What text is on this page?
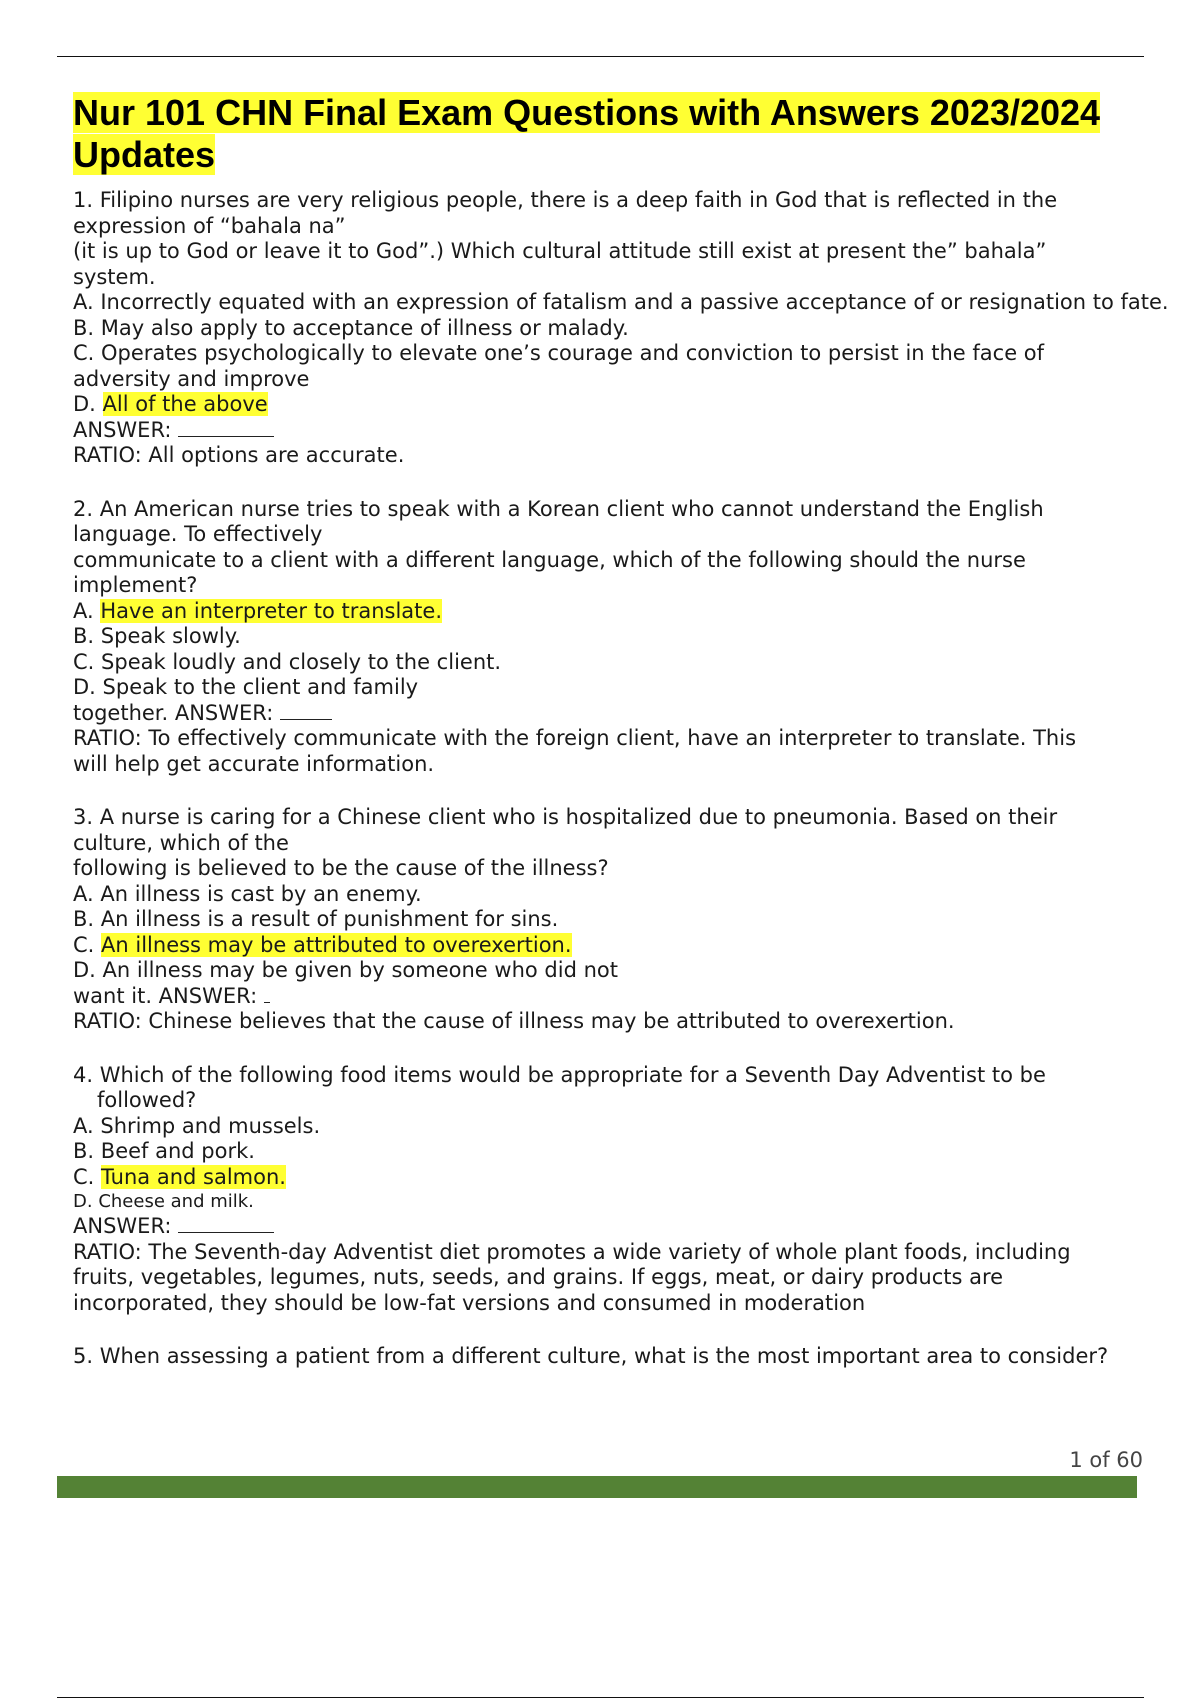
Nur 101 CHN Final Exam Questions with Answers 2023/2024
Updates
1. Filipino nurses are very religious people, there is a deep faith in God that is reflected in the
expression of “bahala na”
(it is up to God or leave it to God”.) Which cultural attitude still exist at present the” bahala”
system.
A. Incorrectly equated with an expression of fatalism and a passive acceptance of or resignation to fate.
B. May also apply to acceptance of illness or malady.
C. Operates psychologically to elevate one’s courage and conviction to persist in the face of
adversity and improve
D. All of the above
ANSWER:
RATIO: All options are accurate.
2. An American nurse tries to speak with a Korean client who cannot understand the English
language. To effectively
communicate to a client with a different language, which of the following should the nurse
implement?
A. Have an interpreter to translate.
B. Speak slowly.
C. Speak loudly and closely to the client.
D. Speak to the client and family
together. ANSWER:
RATIO: To effectively communicate with the foreign client, have an interpreter to translate. This
will help get accurate information.
3. A nurse is caring for a Chinese client who is hospitalized due to pneumonia. Based on their
culture, which of the
following is believed to be the cause of the illness?
A. An illness is cast by an enemy.
B. An illness is a result of punishment for sins.
C. An illness may be attributed to overexertion.
D. An illness may be given by someone who did not
want it. ANSWER:
RATIO: Chinese believes that the cause of illness may be attributed to overexertion.
4. Which of the following food items would be appropriate for a Seventh Day Adventist to be
followed?
A. Shrimp and mussels.
B. Beef and pork.
C. Tuna and salmon.
D. Cheese and milk.
ANSWER:
RATIO: The Seventh-day Adventist diet promotes a wide variety of whole plant foods, including
fruits, vegetables, legumes, nuts, seeds, and grains. If eggs, meat, or dairy products are
incorporated, they should be low-fat versions and consumed in moderation
5. When assessing a patient from a different culture, what is the most important area to consider?
1 of 60
